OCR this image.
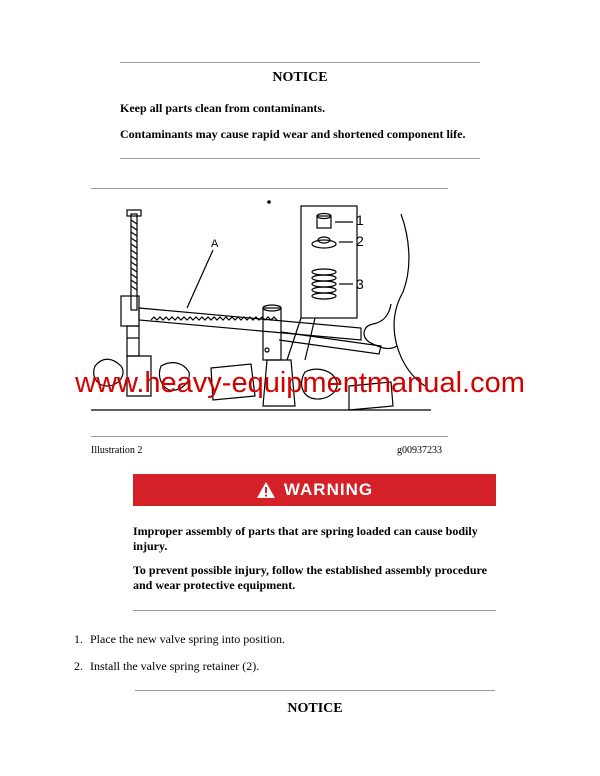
NOTICE
Keep all parts clean from contaminants.
Contaminants may cause rapid wear and shortened component life.
A
1
2
3
www.heavy-equipmentmanual.com
Illustration 2	g00937233
WARNING
Improper assembly of parts that are spring loaded can cause bodily injury.
To prevent possible injury, follow the established assembly procedure and wear protective equipment.
1. Place the new valve spring into position.
2. Install the valve spring retainer (2).
NOTICE
